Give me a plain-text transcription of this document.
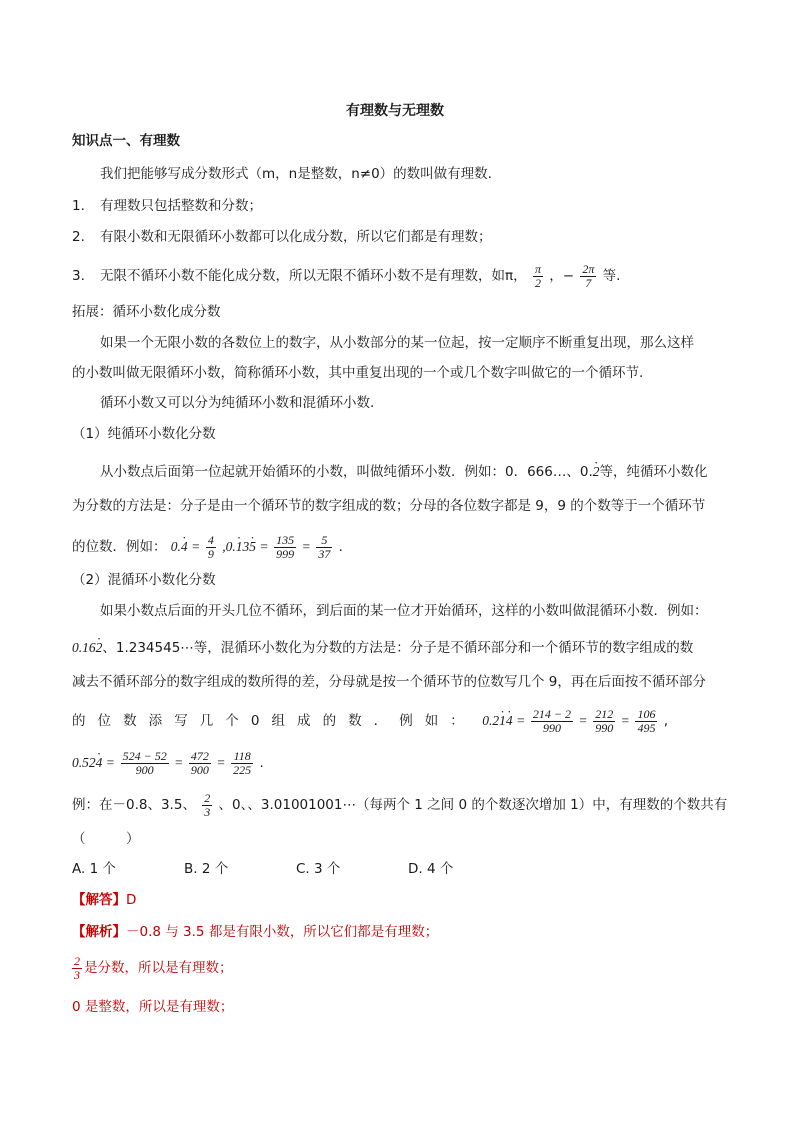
有理数与无理数
知识点一、有理数
我们把能够写成分数形式（m，n是整数，n≠0）的数叫做有理数.
1. 有理数只包括整数和分数；
2. 有限小数和无限循环小数都可以化成分数，所以它们都是有理数；
3. 无限不循环小数不能化成分数，所以无限不循环小数不是有理数，如π， $\frac{\pi}{2}$ ，− $\frac{2\pi}{7}$ 等.
拓展：循环小数化成分数
如果一个无限小数的各数位上的数字，从小数部分的某一位起，按一定顺序不断重复出现，那么这样
的小数叫做无限循环小数，简称循环小数，其中重复出现的一个或几个数字叫做它的一个循环节.
循环小数又可以分为纯循环小数和混循环小数.
（1）纯循环小数化分数
从小数点后面第一位起就开始循环的小数，叫做纯循环小数．例如：0．666…、0.· 2等，纯循环小数化
为分数的方法是：分子是由一个循环节的数字组成的数；分母的各位数字都是 9，9 的个数等于一个循环节
的位数．例如： $0.\cdot 4 = \frac{4}{9} ,0.\cdot 13\cdot 5 = \frac{135}{999} = \frac{5}{37}$ .
（2）混循环小数化分数
如果小数点后面的开头几位不循环，到后面的某一位才开始循环，这样的小数叫做混循环小数．例如：
0.16· 2、1.234545⋯等，混循环小数化为分数的方法是：分子是不循环部分和一个循环节的数字组成的数
减去不循环部分的数字组成的数所得的差，分母就是按一个循环节的位数写几个 9，再在后面按不循环部分
的 位 数 添 写 几 个 0 组 成 的 数 ． 例 如 ： $0.2\cdot 1\cdot 4 = \frac{214 - 2}{990} = \frac{212}{990} = \frac{106}{495}$ ,
$0.52\cdot 4 = \frac{524 - 52}{900} = \frac{472}{900} = \frac{118}{225}$ .
例：在－0.8、3.5、 $\frac{2}{3}$ 、0、、3.01001001⋯（每两个 1 之间 0 的个数逐次增加 1）中，有理数的个数共有
（　　　）
A. 1 个	B. 2 个	C. 3 个	D. 4 个
【解答】D
【解析】－0.8 与 3.5 都是有限小数，所以它们都是有理数；
$\frac{2}{3}$ 是分数，所以是有理数；
0 是整数，所以是有理数；
